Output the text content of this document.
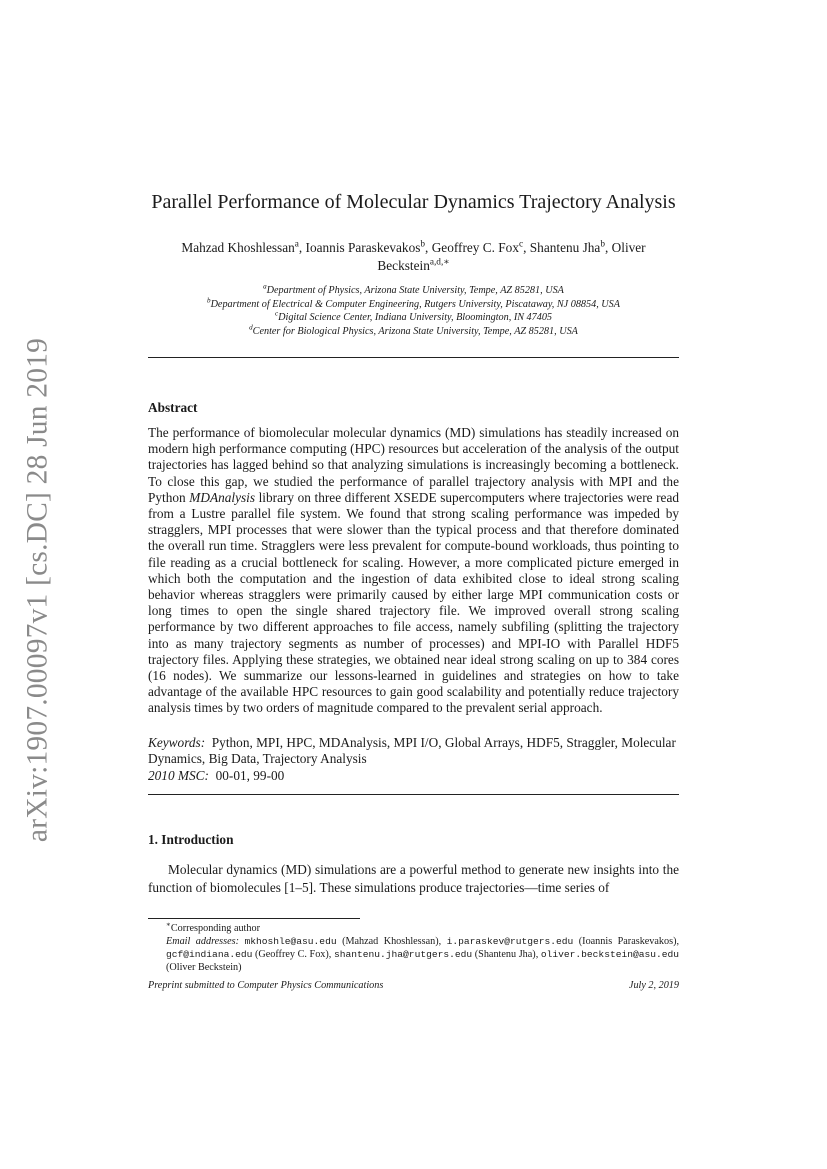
arXiv:1907.00097v1 [cs.DC] 28 Jun 2019
Parallel Performance of Molecular Dynamics Trajectory Analysis
Mahzad Khoshlessan$^a$, Ioannis Paraskevakos$^b$, Geoffrey C. Fox$^c$, Shantenu Jha$^b$, Oliver Beckstein$^{a,d,∗}$
$^a$Department of Physics, Arizona State University, Tempe, AZ 85281, USA
$^b$Department of Electrical & Computer Engineering, Rutgers University, Piscataway, NJ 08854, USA
$^c$Digital Science Center, Indiana University, Bloomington, IN 47405
$^d$Center for Biological Physics, Arizona State University, Tempe, AZ 85281, USA
Abstract
The performance of biomolecular molecular dynamics (MD) simulations has steadily increased on modern high performance computing (HPC) resources but acceleration of the analysis of the output trajectories has lagged behind so that analyzing simulations is increasingly becoming a bottleneck. To close this gap, we studied the performance of parallel trajectory analysis with MPI and the Python MDAnalysis library on three different XSEDE supercomputers where trajectories were read from a Lustre parallel file system. We found that strong scaling performance was impeded by stragglers, MPI processes that were slower than the typical process and that therefore dominated the overall run time. Stragglers were less prevalent for compute-bound workloads, thus pointing to file reading as a crucial bottleneck for scaling. However, a more complicated picture emerged in which both the computation and the ingestion of data exhibited close to ideal strong scaling behavior whereas stragglers were primarily caused by either large MPI communication costs or long times to open the single shared trajectory file. We improved overall strong scaling performance by two different approaches to file access, namely subfiling (splitting the trajectory into as many trajectory segments as number of processes) and MPI-IO with Parallel HDF5 trajectory files. Applying these strategies, we obtained near ideal strong scaling on up to 384 cores (16 nodes). We summarize our lessons-learned in guidelines and strategies on how to take advantage of the available HPC resources to gain good scalability and potentially reduce trajectory analysis times by two orders of magnitude compared to the prevalent serial approach.
Keywords: Python, MPI, HPC, MDAnalysis, MPI I/O, Global Arrays, HDF5, Straggler, Molecular Dynamics, Big Data, Trajectory Analysis
2010 MSC: 00-01, 99-00
1. Introduction
Molecular dynamics (MD) simulations are a powerful method to generate new insights into the function of biomolecules [1–5]. These simulations produce trajectories—time series of
∗Corresponding author
Email addresses: mkhoshle@asu.edu (Mahzad Khoshlessan), i.paraskev@rutgers.edu (Ioannis Paraskevakos), gcf@indiana.edu (Geoffrey C. Fox), shantenu.jha@rutgers.edu (Shantenu Jha), oliver.beckstein@asu.edu (Oliver Beckstein)
Preprint submitted to Computer Physics Communications	July 2, 2019
